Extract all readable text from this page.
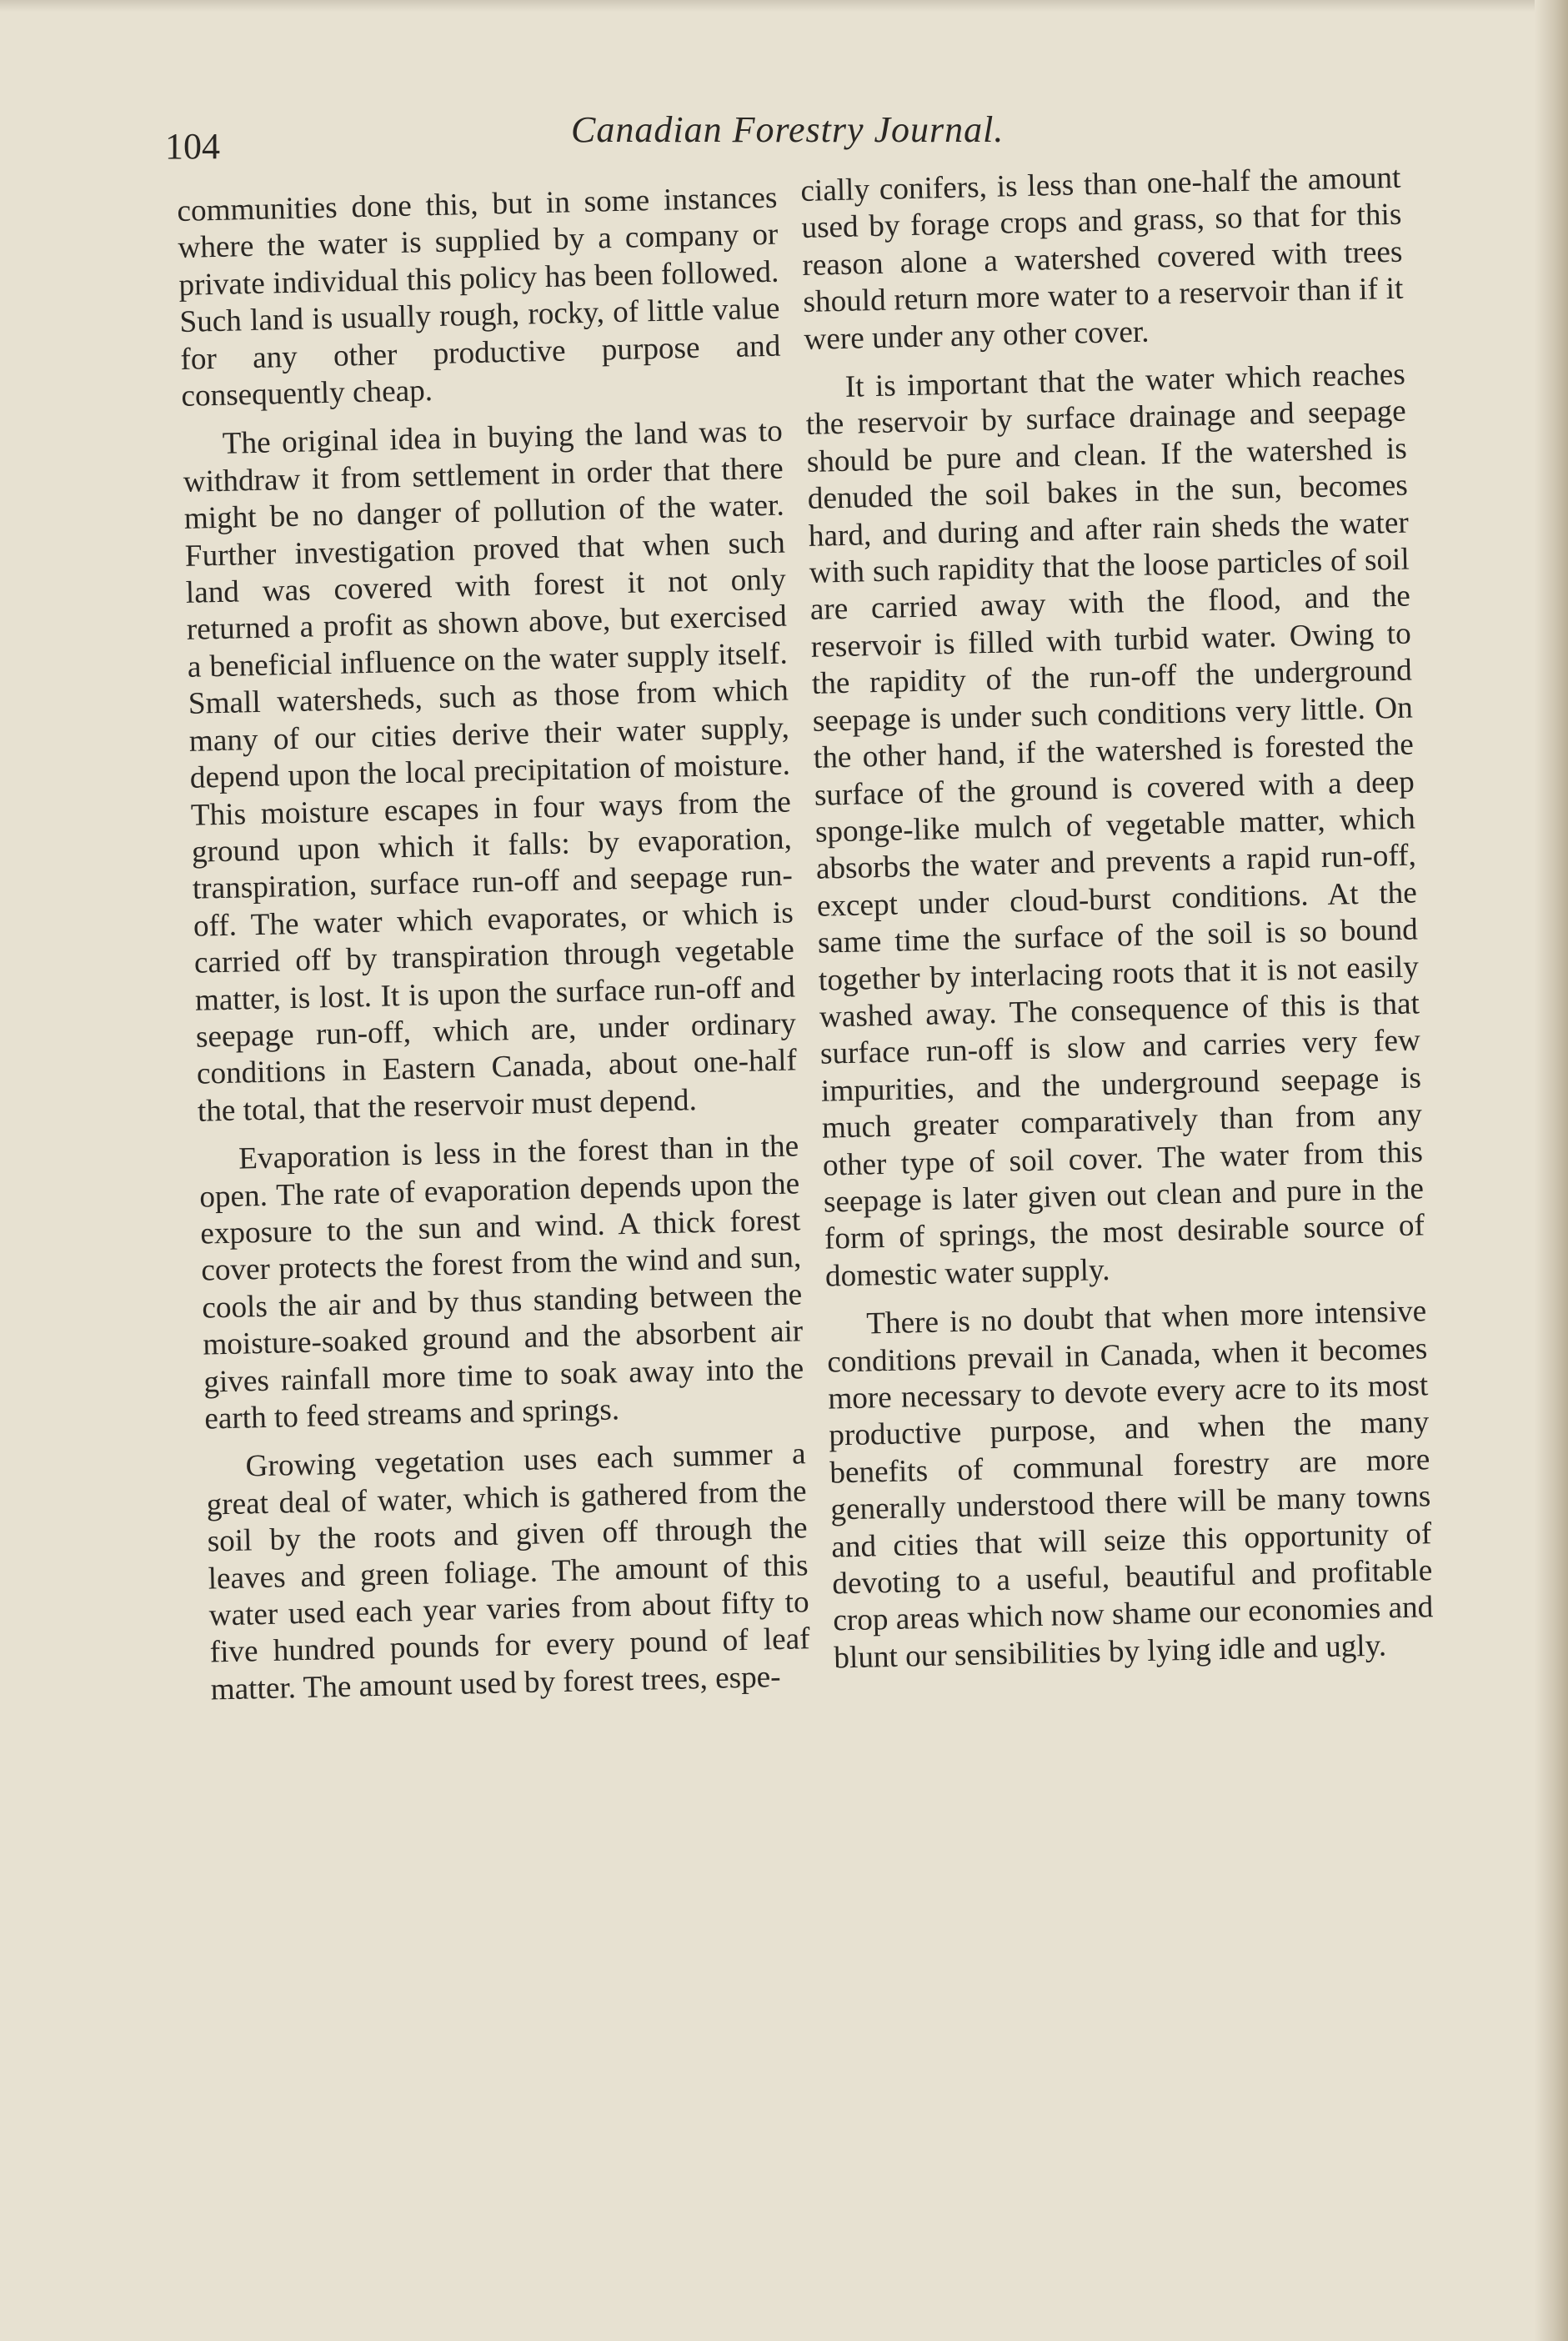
104	Canadian Forestry Journal.

communities done this, but in some instances where the water is supplied by a company or private individual this policy has been followed. Such land is usually rough, rocky, of little value for any other productive purpose and consequently cheap.

The original idea in buying the land was to withdraw it from settlement in order that there might be no danger of pollution of the water. Further investigation proved that when such land was covered with forest it not only returned a profit as shown above, but exercised a beneficial influence on the water supply itself. Small watersheds, such as those from which many of our cities derive their water supply, depend upon the local precipitation of moisture. This moisture escapes in four ways from the ground upon which it falls: by evaporation, transpiration, surface run-off and seepage run-off. The water which evaporates, or which is carried off by transpiration through vegetable matter, is lost. It is upon the surface run-off and seepage run-off, which are, under ordinary conditions in Eastern Canada, about one-half the total, that the reservoir must depend.

Evaporation is less in the forest than in the open. The rate of evaporation depends upon the exposure to the sun and wind. A thick forest cover protects the forest from the wind and sun, cools the air and by thus standing between the moisture-soaked ground and the absorbent air gives rainfall more time to soak away into the earth to feed streams and springs.

Growing vegetation uses each summer a great deal of water, which is gathered from the soil by the roots and given off through the leaves and green foliage. The amount of this water used each year varies from about fifty to five hundred pounds for every pound of leaf matter. The amount used by forest trees, espe-

cially conifers, is less than one-half the amount used by forage crops and grass, so that for this reason alone a watershed covered with trees should return more water to a reservoir than if it were under any other cover.

It is important that the water which reaches the reservoir by surface drainage and seepage should be pure and clean. If the watershed is denuded the soil bakes in the sun, becomes hard, and during and after rain sheds the water with such rapidity that the loose particles of soil are carried away with the flood, and the reservoir is filled with turbid water. Owing to the rapidity of the run-off the underground seepage is under such conditions very little. On the other hand, if the watershed is forested the surface of the ground is covered with a deep sponge-like mulch of vegetable matter, which absorbs the water and prevents a rapid run-off, except under cloud-burst conditions. At the same time the surface of the soil is so bound together by interlacing roots that it is not easily washed away. The consequence of this is that surface run-off is slow and carries very few impurities, and the underground seepage is much greater comparatively than from any other type of soil cover. The water from this seepage is later given out clean and pure in the form of springs, the most desirable source of domestic water supply.

There is no doubt that when more intensive conditions prevail in Canada, when it becomes more necessary to devote every acre to its most productive purpose, and when the many benefits of communal forestry are more generally understood there will be many towns and cities that will seize this opportunity of devoting to a useful, beautiful and profitable crop areas which now shame our economies and blunt our sensibilities by lying idle and ugly.
